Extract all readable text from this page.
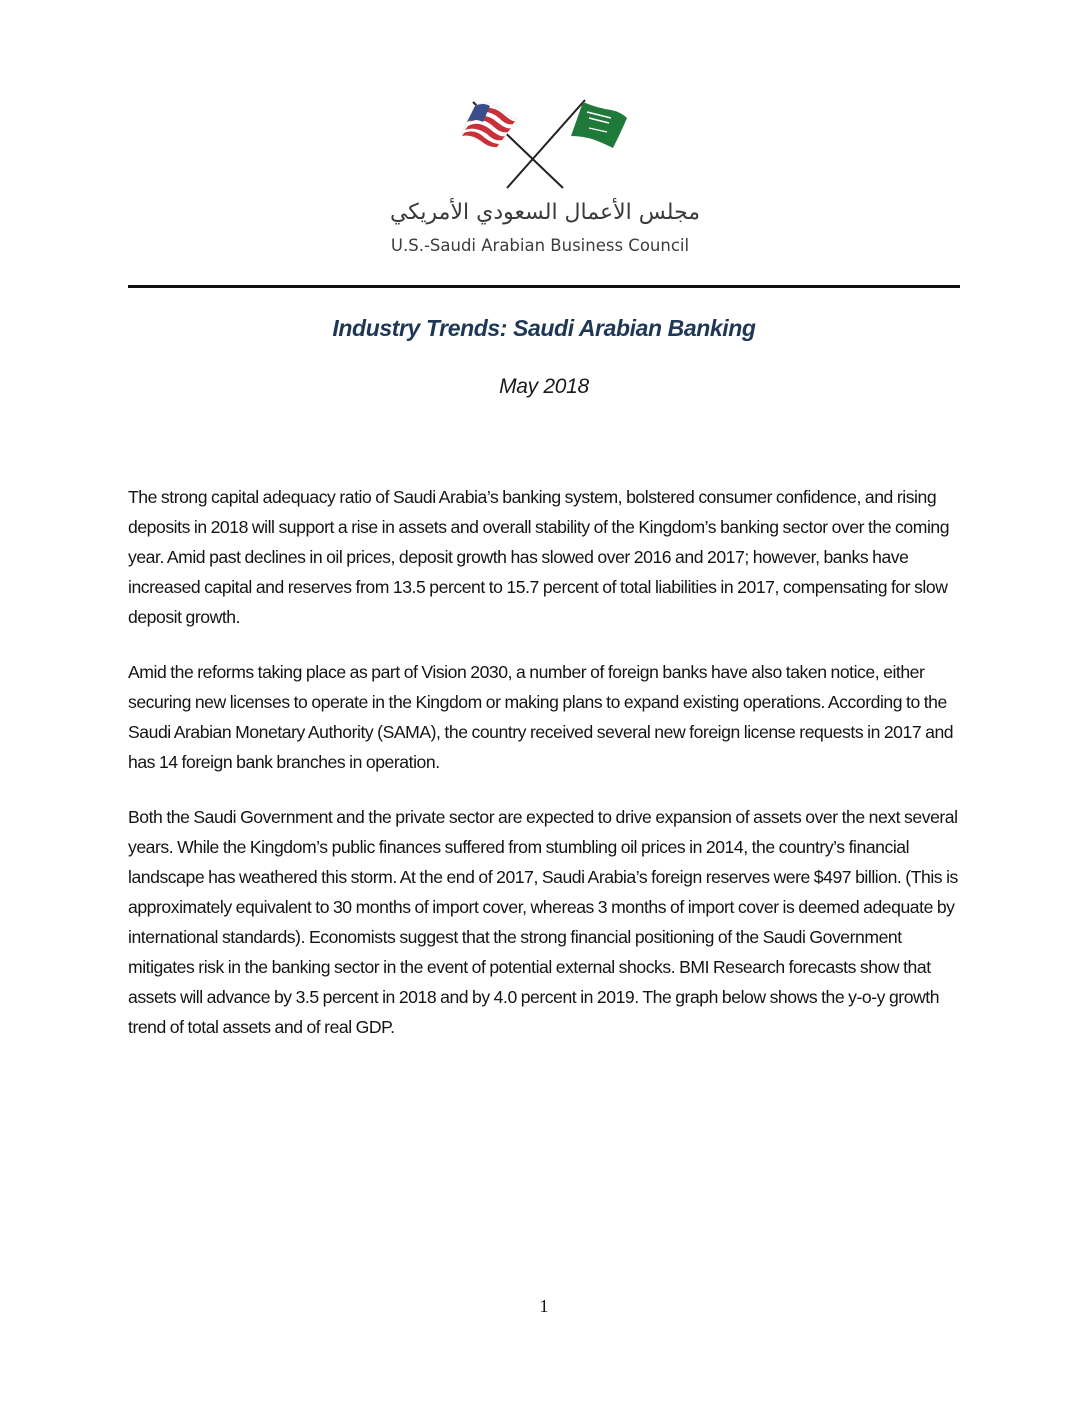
مجلس الأعمال السعودي الأمريكي
U.S.-Saudi Arabian Business Council
Industry Trends: Saudi Arabian Banking
May 2018

The strong capital adequacy ratio of Saudi Arabia’s banking system, bolstered consumer confidence, and rising deposits in 2018 will support a rise in assets and overall stability of the Kingdom’s banking sector over the coming year. Amid past declines in oil prices, deposit growth has slowed over 2016 and 2017; however, banks have increased capital and reserves from 13.5 percent to 15.7 percent of total liabilities in 2017, compensating for slow deposit growth.

Amid the reforms taking place as part of Vision 2030, a number of foreign banks have also taken notice, either securing new licenses to operate in the Kingdom or making plans to expand existing operations. According to the Saudi Arabian Monetary Authority (SAMA), the country received several new foreign license requests in 2017 and has 14 foreign bank branches in operation.

Both the Saudi Government and the private sector are expected to drive expansion of assets over the next several years. While the Kingdom’s public finances suffered from stumbling oil prices in 2014, the country’s financial landscape has weathered this storm. At the end of 2017, Saudi Arabia’s foreign reserves were $497 billion. (This is approximately equivalent to 30 months of import cover, whereas 3 months of import cover is deemed adequate by international standards). Economists suggest that the strong financial positioning of the Saudi Government mitigates risk in the banking sector in the event of potential external shocks. BMI Research forecasts show that assets will advance by 3.5 percent in 2018 and by 4.0 percent in 2019. The graph below shows the y-o-y growth trend of total assets and of real GDP.

1
